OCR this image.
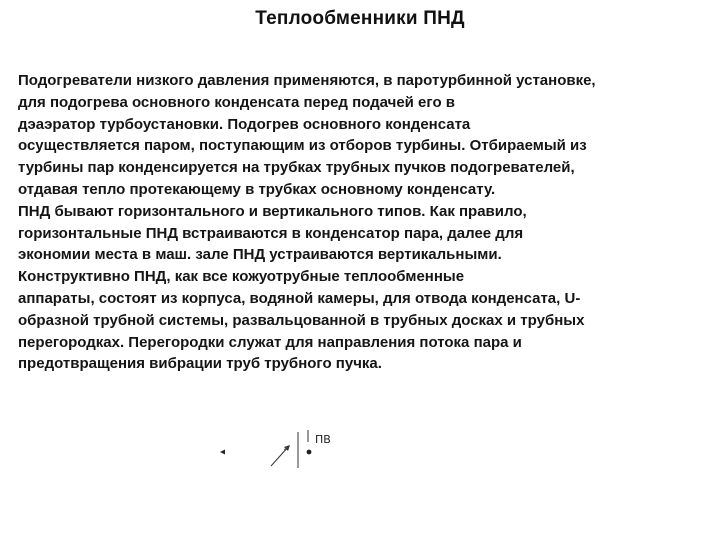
Теплообменники ПНД

Подогреватели низкого давления применяются, в паротурбинной установке,
для подогрева основного конденсата перед подачей его в
дэаэратор турбоустановки. Подогрев основного конденсата
осуществляется паром, поступающим из отборов турбины. Отбираемый из
турбины пар конденсируется на трубках трубных пучков подогревателей,
отдавая тепло протекающему в трубках основному конденсату.
ПНД бывают горизонтального и вертикального типов. Как правило,
горизонтальные ПНД встраиваются в конденсатор пара, далее для
экономии места в маш. зале ПНД устраиваются вертикальными.
Конструктивно ПНД, как все кожуотрубные теплообменные
аппараты, состоят из корпуса, водяной камеры, для отвода конденсата, U-
образной трубной системы, развальцованной в трубных досках и трубных
перегородках. Перегородки служат для направления потока пара и
предотвращения вибрации труб трубного пучка.

ПВ
